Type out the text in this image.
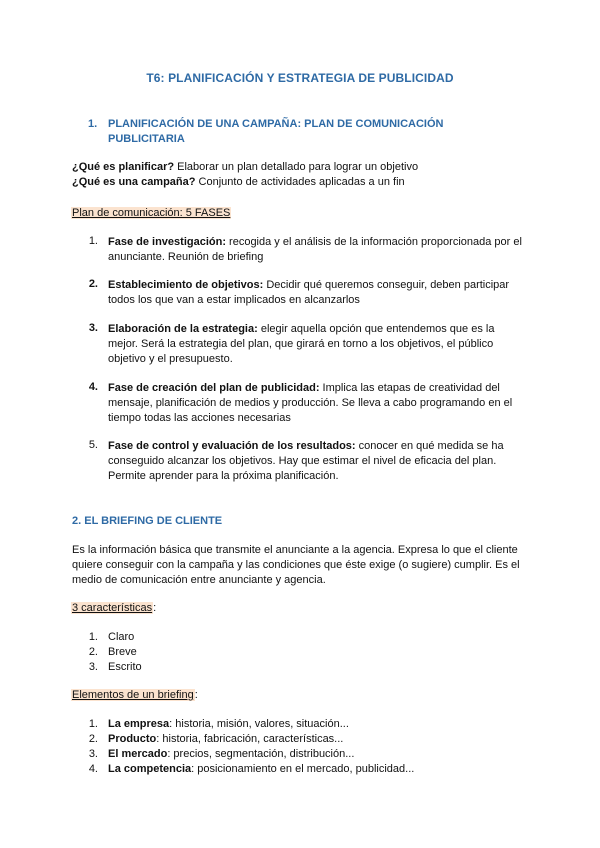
T6: PLANIFICACIÓN Y ESTRATEGIA DE PUBLICIDAD
1. PLANIFICACIÓN DE UNA CAMPAÑA: PLAN DE COMUNICACIÓN
PUBLICITARIA
¿Qué es planificar? Elaborar un plan detallado para lograr un objetivo
¿Qué es una campaña? Conjunto de actividades aplicadas a un fin
Plan de comunicación: 5 FASES
1. Fase de investigación: recogida y el análisis de la información proporcionada por el
anunciante. Reunión de briefing
2. Establecimiento de objetivos: Decidir qué queremos conseguir, deben participar
todos los que van a estar implicados en alcanzarlos
3. Elaboración de la estrategia: elegir aquella opción que entendemos que es la
mejor. Será la estrategia del plan, que girará en torno a los objetivos, el público
objetivo y el presupuesto.
4. Fase de creación del plan de publicidad: Implica las etapas de creatividad del
mensaje, planificación de medios y producción. Se lleva a cabo programando en el
tiempo todas las acciones necesarias
5. Fase de control y evaluación de los resultados: conocer en qué medida se ha
conseguido alcanzar los objetivos. Hay que estimar el nivel de eficacia del plan.
Permite aprender para la próxima planificación.
2. EL BRIEFING DE CLIENTE
Es la información básica que transmite el anunciante a la agencia. Expresa lo que el cliente
quiere conseguir con la campaña y las condiciones que éste exige (o sugiere) cumplir. Es el
medio de comunicación entre anunciante y agencia.
3 características:
1. Claro
2. Breve
3. Escrito
Elementos de un briefing:
1. La empresa: historia, misión, valores, situación...
2. Producto: historia, fabricación, características...
3. El mercado: precios, segmentación, distribución...
4. La competencia: posicionamiento en el mercado, publicidad...
